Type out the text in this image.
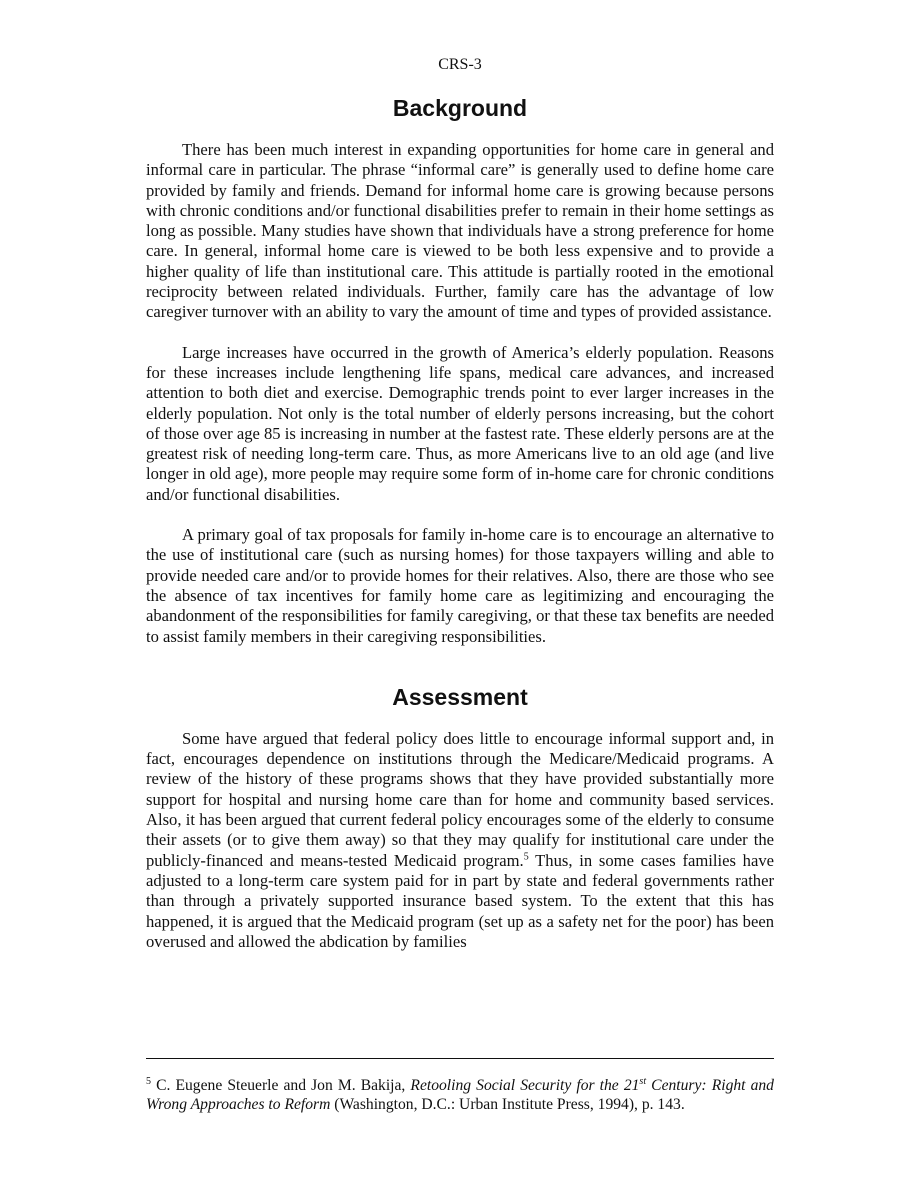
CRS-3
Background

There has been much interest in expanding opportunities for home care in general and informal care in particular. The phrase “informal care” is generally used to define home care provided by family and friends. Demand for informal home care is growing because persons with chronic conditions and/or functional disabilities prefer to remain in their home settings as long as possible. Many studies have shown that individuals have a strong preference for home care. In general, informal home care is viewed to be both less expensive and to provide a higher quality of life than institutional care. This attitude is partially rooted in the emotional reciprocity between related individuals. Further, family care has the advantage of low caregiver turnover with an ability to vary the amount of time and types of provided assistance.

Large increases have occurred in the growth of America’s elderly population. Reasons for these increases include lengthening life spans, medical care advances, and increased attention to both diet and exercise. Demographic trends point to ever larger increases in the elderly population. Not only is the total number of elderly persons increasing, but the cohort of those over age 85 is increasing in number at the fastest rate. These elderly persons are at the greatest risk of needing long-term care. Thus, as more Americans live to an old age (and live longer in old age), more people may require some form of in-home care for chronic conditions and/or functional disabilities.

A primary goal of tax proposals for family in-home care is to encourage an alternative to the use of institutional care (such as nursing homes) for those taxpayers willing and able to provide needed care and/or to provide homes for their relatives. Also, there are those who see the absence of tax incentives for family home care as legitimizing and encouraging the abandonment of the responsibilities for family caregiving, or that these tax benefits are needed to assist family members in their caregiving responsibilities.

Assessment

Some have argued that federal policy does little to encourage informal support and, in fact, encourages dependence on institutions through the Medicare/Medicaid programs. A review of the history of these programs shows that they have provided substantially more support for hospital and nursing home care than for home and community based services. Also, it has been argued that current federal policy encourages some of the elderly to consume their assets (or to give them away) so that they may qualify for institutional care under the publicly-financed and means-tested Medicaid program.$^5$ Thus, in some cases families have adjusted to a long-term care system paid for in part by state and federal governments rather than through a privately supported insurance based system. To the extent that this has happened, it is argued that the Medicaid program (set up as a safety net for the poor) has been overused and allowed the abdication by families

$^5$ C. Eugene Steuerle and Jon M. Bakija, Retooling Social Security for the 21st Century: Right and Wrong Approaches to Reform (Washington, D.C.: Urban Institute Press, 1994), p. 143.
